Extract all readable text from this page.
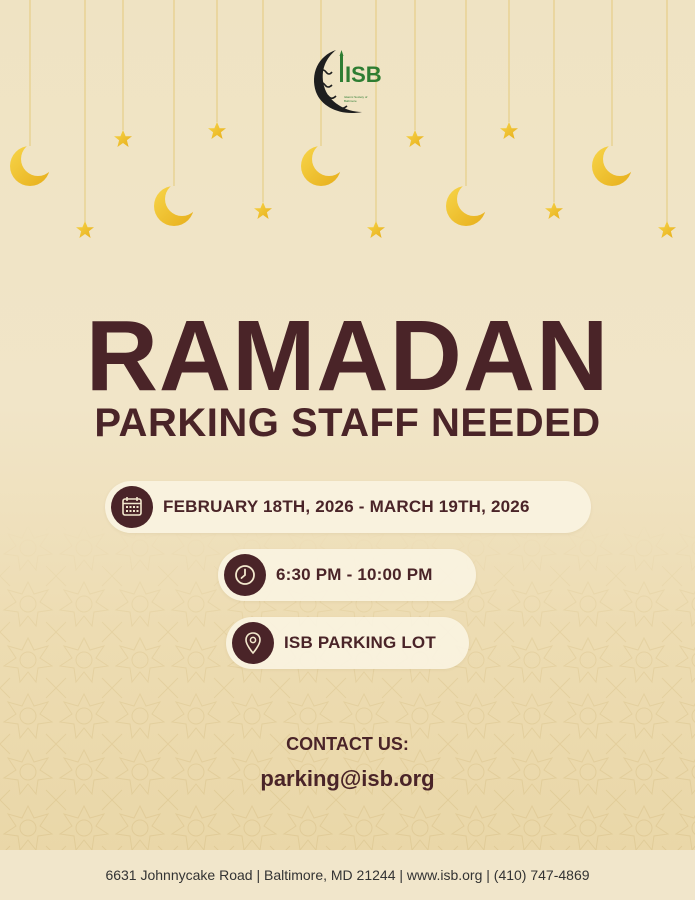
ISB
Islamic Society of Baltimore
RAMADAN
PARKING STAFF NEEDED
FEBRUARY 18TH, 2026 - MARCH 19TH, 2026
6:30 PM - 10:00 PM
ISB PARKING LOT
CONTACT US:
parking@isb.org
6631 Johnnycake Road | Baltimore, MD 21244 | www.isb.org | (410) 747-4869
